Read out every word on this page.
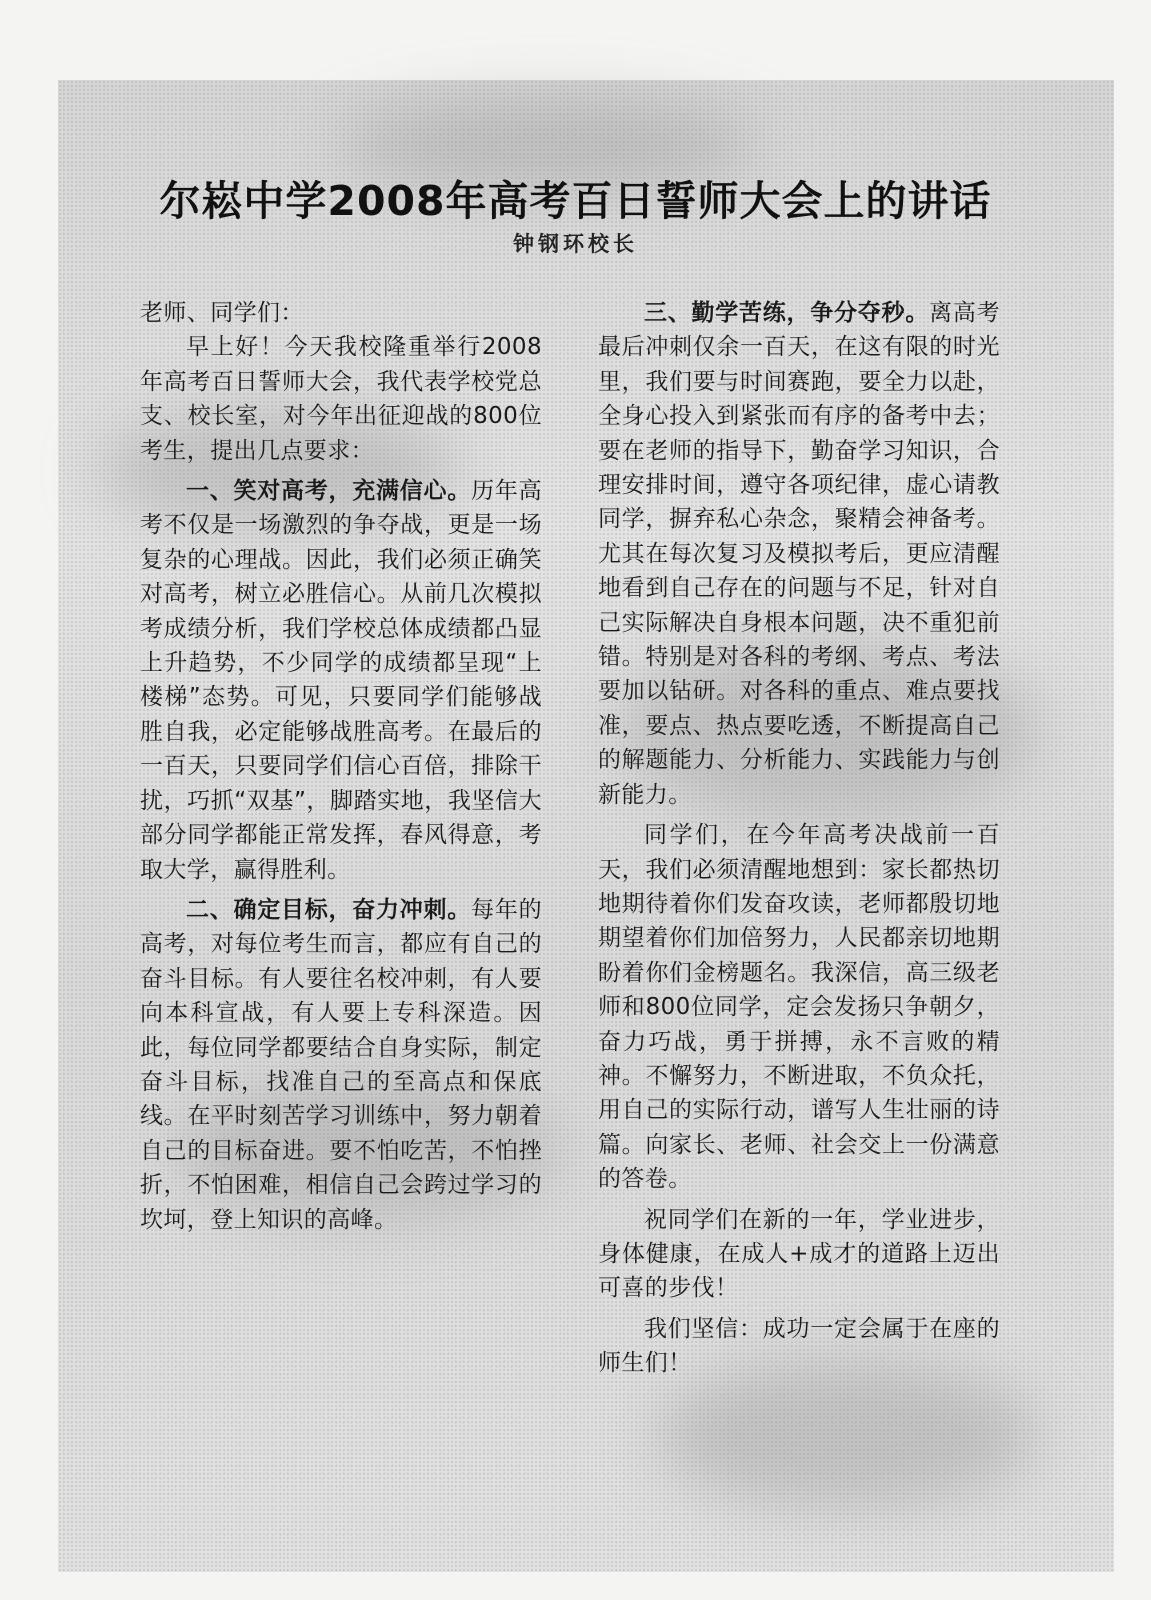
尔崧中学2008年高考百日誓师大会上的讲话
钟钢环校长

老师、同学们：

早上好！今天我校隆重举行2008年高考百日誓师大会，我代表学校党总支、校长室，对今年出征迎战的800位考生，提出几点要求：

一、笑对高考，充满信心。历年高考不仅是一场激烈的争夺战，更是一场复杂的心理战。因此，我们必须正确笑对高考，树立必胜信心。从前几次模拟考成绩分析，我们学校总体成绩都凸显上升趋势，不少同学的成绩都呈现“上楼梯”态势。可见，只要同学们能够战胜自我，必定能够战胜高考。在最后的一百天，只要同学们信心百倍，排除干扰，巧抓“双基”，脚踏实地，我坚信大部分同学都能正常发挥，春风得意，考取大学，赢得胜利。

二、确定目标，奋力冲刺。每年的高考，对每位考生而言，都应有自己的奋斗目标。有人要往名校冲刺，有人要向本科宣战，有人要上专科深造。因此，每位同学都要结合自身实际，制定奋斗目标，找准自己的至高点和保底线。在平时刻苦学习训练中，努力朝着自己的目标奋进。要不怕吃苦，不怕挫折，不怕困难，相信自己会跨过学习的坎坷，登上知识的高峰。

三、勤学苦练，争分夺秒。离高考最后冲刺仅余一百天，在这有限的时光里，我们要与时间赛跑，要全力以赴，全身心投入到紧张而有序的备考中去；要在老师的指导下，勤奋学习知识，合理安排时间，遵守各项纪律，虚心请教同学，摒弃私心杂念，聚精会神备考。尤其在每次复习及模拟考后，更应清醒地看到自己存在的问题与不足，针对自己实际解决自身根本问题，决不重犯前错。特别是对各科的考纲、考点、考法要加以钻研。对各科的重点、难点要找准，要点、热点要吃透，不断提高自己的解题能力、分析能力、实践能力与创新能力。

同学们，在今年高考决战前一百天，我们必须清醒地想到：家长都热切地期待着你们发奋攻读，老师都殷切地期望着你们加倍努力，人民都亲切地期盼着你们金榜题名。我深信，高三级老师和800位同学，定会发扬只争朝夕，奋力巧战，勇于拼搏，永不言败的精神。不懈努力，不断进取，不负众托，用自己的实际行动，谱写人生壮丽的诗篇。向家长、老师、社会交上一份满意的答卷。

祝同学们在新的一年，学业进步，身体健康，在成人+成才的道路上迈出可喜的步伐！

我们坚信：成功一定会属于在座的师生们！
